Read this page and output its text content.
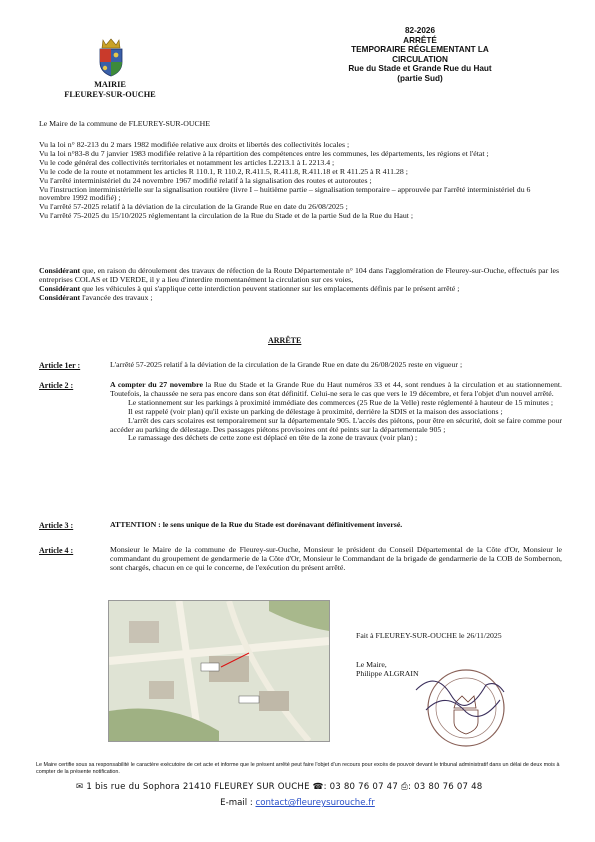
82-2026
ARRÊTÉ
TEMPORAIRE RÉGLEMENTANT LA
CIRCULATION
Rue du Stade et Grande Rue du Haut
(partie Sud)
MAIRIE
FLEUREY-SUR-OUCHE
Le Maire de la commune de FLEUREY-SUR-OUCHE
Vu la loi n° 82-213 du 2 mars 1982 modifiée relative aux droits et libertés des collectivités locales ;
Vu la loi n°83-8 du 7 janvier 1983 modifiée relative à la répartition des compétences entre les communes, les départements, les régions et l'état ;
Vu le code général des collectivités territoriales et notamment les articles L2213.1 à L 2213.4 ;
Vu le code de la route et notamment les articles R 110.1, R 110.2, R.411.5, R.411.8, R.411.18 et R 411.25 à R 411.28 ;
Vu l'arrêté interministériel du 24 novembre 1967 modifié relatif à la signalisation des routes et autoroutes ;
Vu l'instruction interministérielle sur la signalisation routière (livre I – huitième partie – signalisation temporaire – approuvée par l'arrêté interministériel du 6 novembre 1992 modifié) ;
Vu l'arrêté 57-2025 relatif à la déviation de la circulation de la Grande Rue en date du 26/08/2025 ;
Vu l'arrêté 75-2025 du 15/10/2025 réglementant la circulation de la Rue du Stade et de la partie Sud de la Rue du Haut ;
Considérant que, en raison du déroulement des travaux de réfection de la Route Départementale n° 104 dans l'agglomération de Fleurey-sur-Ouche, effectués par les entreprises COLAS et ID VERDE, il y a lieu d'interdire momentanément la circulation sur ces voies,
Considérant que les véhicules à qui s'applique cette interdiction peuvent stationner sur les emplacements définis par le présent arrêté ;
Considérant l'avancée des travaux ;
ARRÊTE
Article 1er :	L'arrêté 57-2025 relatif à la déviation de la circulation de la Grande Rue en date du 26/08/2025 reste en vigueur ;

Article 2 :	A compter du 27 novembre la Rue du Stade et la Grande Rue du Haut numéros 33 et 44, sont rendues à la circulation et au stationnement. Toutefois, la chaussée ne sera pas encore dans son état définitif. Celui-ne sera le cas que vers le 19 décembre, et fera l'objet d'un nouvel arrêté.

Le stationnement sur les parkings à proximité immédiate des commerces (25 Rue de la Velle) reste réglementé à hauteur de 15 minutes ;

Il est rappelé (voir plan) qu'il existe un parking de délestage à proximité, derrière la SDIS et la maison des associations ;

L'arrêt des cars scolaires est temporairement sur la départementale 905. L'accès des piétons, pour être en sécurité, doit se faire comme pour accéder au parking de délestage. Des passages piétons provisoires ont été peints sur la départementale 905 ;

Le ramassage des déchets de cette zone est déplacé en tête de la zone de travaux (voir plan) ;

Article 3 :	ATTENTION : le sens unique de la Rue du Stade est dorénavant définitivement inversé.

Article 4 :	Monsieur le Maire de la commune de Fleurey-sur-Ouche, Monsieur le président du Conseil Départemental de la Côte d'Or, Monsieur le commandant du groupement de gendarmerie de la Côte d'Or, Monsieur le Commandant de la brigade de gendarmerie de la COB de Sombernon, sont chargés, chacun en ce qui le concerne, de l'exécution du présent arrêté.

Fait à FLEUREY-SUR-OUCHE le 26/11/2025
Le Maire,
Philippe ALGRAIN
Le Maire certifie sous sa responsabilité le caractère exécutoire de cet acte et informe que le présent arrêté peut faire l'objet d'un recours pour excès de pouvoir devant le tribunal administratif dans un délai de deux mois à compter de la présente notification.
✉ 1 bis rue du Sophora 21410 FLEUREY SUR OUCHE ☎: 03 80 76 07 47 ⎙: 03 80 76 07 48
E-mail : contact@fleureysurouche.fr
